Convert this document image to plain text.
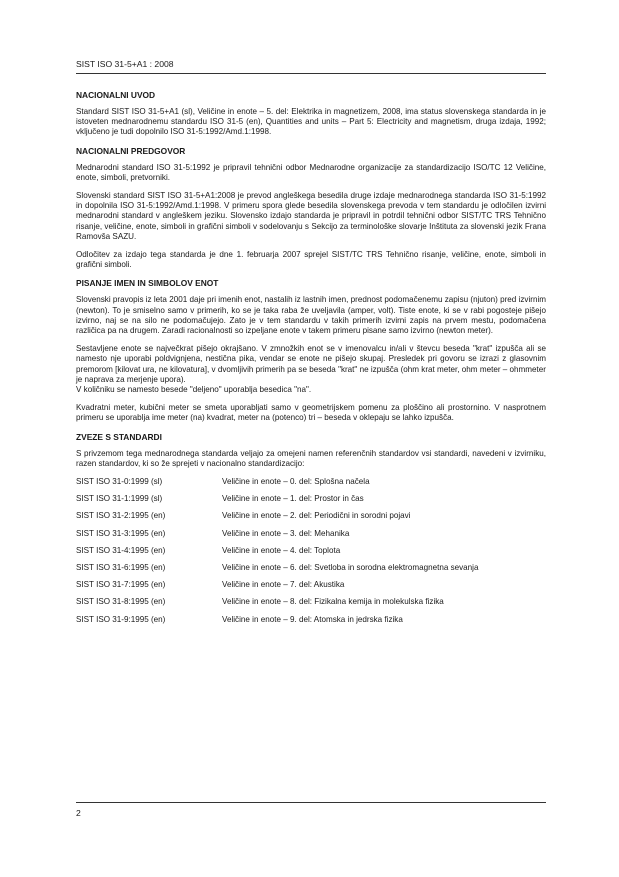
SIST ISO 31-5+A1 : 2008
NACIONALNI UVOD

Standard SIST ISO 31-5+A1 (sl), Veličine in enote – 5. del: Elektrika in magnetizem, 2008, ima status slovenskega standarda in je istoveten mednarodnemu standardu ISO 31-5 (en), Quantities and units – Part 5: Electricity and magnetism, druga izdaja, 1992; vključeno je tudi dopolnilo ISO 31-5:1992/Amd.1:1998.

NACIONALNI PREDGOVOR

Mednarodni standard ISO 31-5:1992 je pripravil tehnični odbor Mednarodne organizacije za standardizacijo ISO/TC 12 Veličine, enote, simboli, pretvorniki.

Slovenski standard SIST ISO 31-5+A1:2008 je prevod angleškega besedila druge izdaje mednarodnega standarda ISO 31-5:1992 in dopolnila ISO 31-5:1992/Amd.1:1998. V primeru spora glede besedila slovenskega prevoda v tem standardu je odločilen izvirni mednarodni standard v angleškem jeziku. Slovensko izdajo standarda je pripravil in potrdil tehnični odbor SIST/TC TRS Tehnično risanje, veličine, enote, simboli in grafični simboli v sodelovanju s Sekcijo za terminološke slovarje Inštituta za slovenski jezik Frana Ramovša SAZU.

Odločitev za izdajo tega standarda je dne 1. februarja 2007 sprejel SIST/TC TRS Tehnično risanje, veličine, enote, simboli in grafični simboli.

PISANJE IMEN IN SIMBOLOV ENOT

Slovenski pravopis iz leta 2001 daje pri imenih enot, nastalih iz lastnih imen, prednost podomačenemu zapisu (njuton) pred izvirnim (newton). To je smiselno samo v primerih, ko se je taka raba že uveljavila (amper, volt). Tiste enote, ki se v rabi pogosteje pišejo izvirno, naj se na silo ne podomačujejo. Zato je v tem standardu v takih primerih izvirni zapis na prvem mestu, podomačena različica pa na drugem. Zaradi racionalnosti so izpeljane enote v takem primeru pisane samo izvirno (newton meter).

Sestavljene enote se največkrat pišejo okrajšano. V zmnožkih enot se v imenovalcu in/ali v števcu beseda "krat" izpušča ali se namesto nje uporabi poldvignjena, nestična pika, vendar se enote ne pišejo skupaj. Presledek pri govoru se izrazi z glasovnim premorom [kilovat ura, ne kilovatura], v dvomljivih primerih pa se beseda "krat" ne izpušča (ohm krat meter, ohm meter – ohmmeter je naprava za merjenje upora).

V količniku se namesto besede "deljeno" uporablja besedica "na".

Kvadratni meter, kubični meter se smeta uporabljati samo v geometrijskem pomenu za ploščino ali prostornino. V nasprotnem primeru se uporablja ime meter (na) kvadrat, meter na (potenco) tri – beseda v oklepaju se lahko izpušča.

ZVEZE S STANDARDI

S privzemom tega mednarodnega standarda veljajo za omejeni namen referenčnih standardov vsi standardi, navedeni v izvirniku, razen standardov, ki so že sprejeti v nacionalno standardizacijo:

SIST ISO 31-0:1999 (sl)	Veličine in enote – 0. del: Splošna načela
SIST ISO 31-1:1999 (sl)	Veličine in enote – 1. del: Prostor in čas
SIST ISO 31-2:1995 (en)	Veličine in enote – 2. del: Periodični in sorodni pojavi
SIST ISO 31-3:1995 (en)	Veličine in enote – 3. del: Mehanika
SIST ISO 31-4:1995 (en)	Veličine in enote – 4. del: Toplota
SIST ISO 31-6:1995 (en)	Veličine in enote – 6. del: Svetloba in sorodna elektromagnetna sevanja
SIST ISO 31-7:1995 (en)	Veličine in enote – 7. del: Akustika
SIST ISO 31-8:1995 (en)	Veličine in enote – 8. del: Fizikalna kemija in molekulska fizika
SIST ISO 31-9:1995 (en)	Veličine in enote – 9. del: Atomska in jedrska fizika
2
